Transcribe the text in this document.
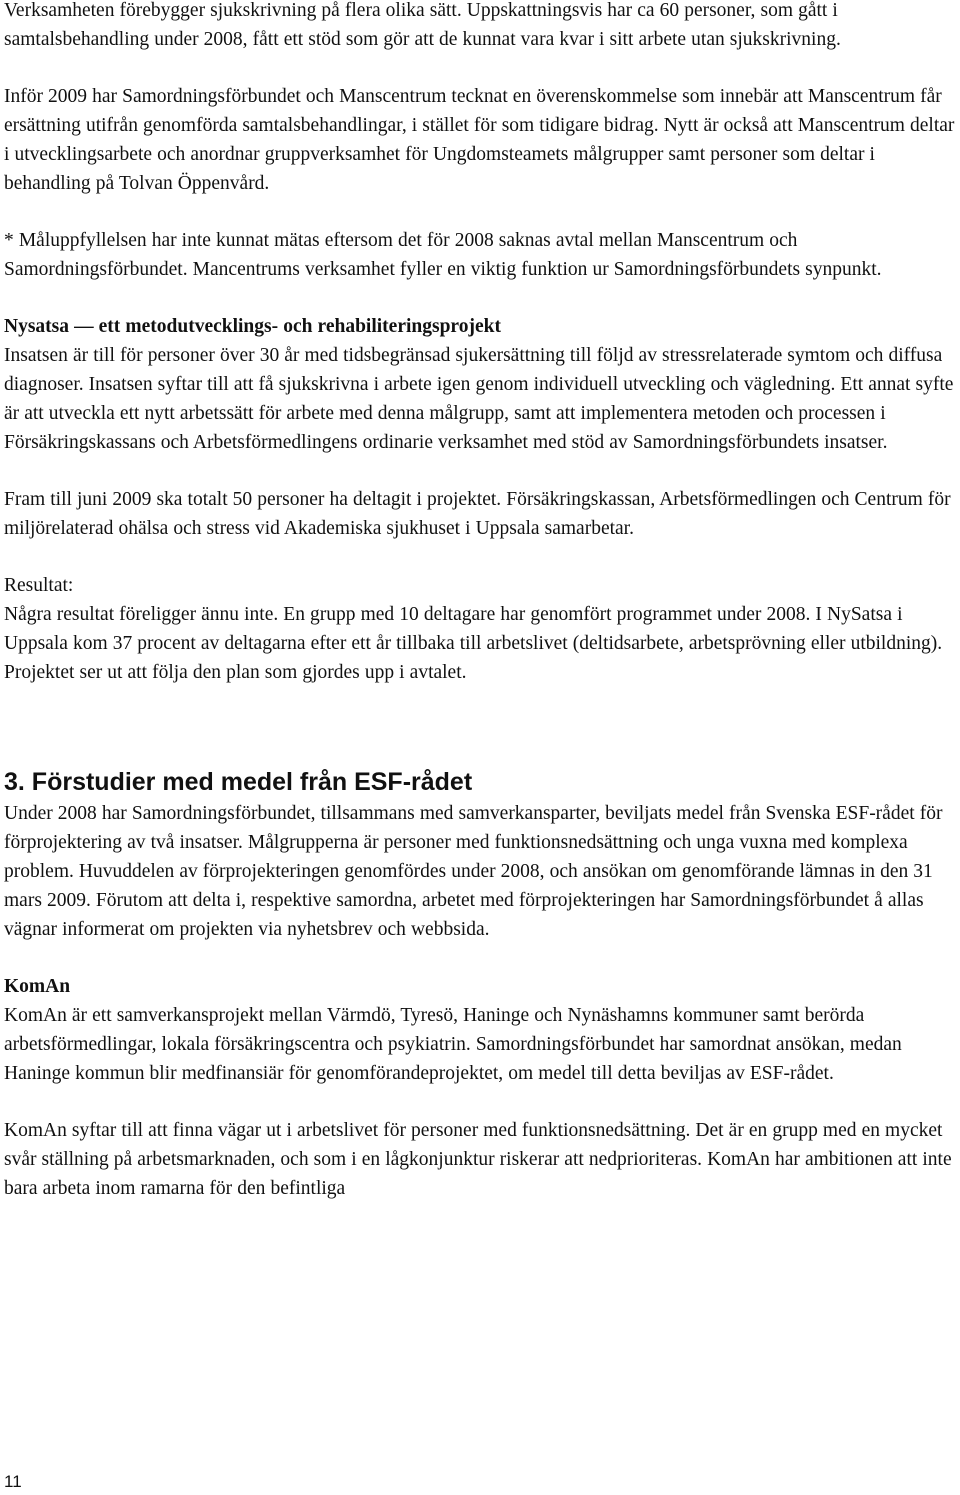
Verksamheten förebygger sjukskrivning på flera olika sätt. Uppskattningsvis har ca 60 personer, som gått i samtalsbehandling under 2008, fått ett stöd som gör att de kunnat vara kvar i sitt arbete utan sjukskrivning.

Inför 2009 har Samordningsförbundet och Manscentrum tecknat en överenskommelse som innebär att Manscentrum får ersättning utifrån genomförda samtalsbehandlingar, i stället för som tidigare bidrag. Nytt är också att Manscentrum deltar i utvecklingsarbete och anordnar gruppverksamhet för Ungdomsteamets målgrupper samt personer som deltar i behandling på Tolvan Öppenvård.

* Måluppfyllelsen har inte kunnat mätas eftersom det för 2008 saknas avtal mellan Manscentrum och Samordningsförbundet. Mancentrums verksamhet fyller en viktig funktion ur Samordningsförbundets synpunkt.

Nysatsa — ett metodutvecklings- och rehabiliteringsprojekt

Insatsen är till för personer över 30 år med tidsbegränsad sjukersättning till följd av stressrelaterade symtom och diffusa diagnoser. Insatsen syftar till att få sjukskrivna i arbete igen genom individuell utveckling och vägledning. Ett annat syfte är att utveckla ett nytt arbetssätt för arbete med denna målgrupp, samt att implementera metoden och processen i Försäkringskassans och Arbetsförmedlingens ordinarie verksamhet med stöd av Samordningsförbundets insatser.

Fram till juni 2009 ska totalt 50 personer ha deltagit i projektet. Försäkringskassan, Arbetsförmedlingen och Centrum för miljörelaterad ohälsa och stress vid Akademiska sjukhuset i Uppsala samarbetar.

Resultat:

Några resultat föreligger ännu inte. En grupp med 10 deltagare har genomfört programmet under 2008. I NySatsa i Uppsala kom 37 procent av deltagarna efter ett år tillbaka till arbetslivet (deltidsarbete, arbetsprövning eller utbildning). Projektet ser ut att följa den plan som gjordes upp i avtalet.

3. Förstudier med medel från ESF-rådet

Under 2008 har Samordningsförbundet, tillsammans med samverkansparter, beviljats medel från Svenska ESF-rådet för förprojektering av två insatser. Målgrupperna är personer med funktionsnedsättning och unga vuxna med komplexa problem. Huvuddelen av förprojekteringen genomfördes under 2008, och ansökan om genomförande lämnas in den 31 mars 2009. Förutom att delta i, respektive samordna, arbetet med förprojekteringen har Samordningsförbundet å allas vägnar informerat om projekten via nyhetsbrev och webbsida.

KomAn

KomAn är ett samverkansprojekt mellan Värmdö, Tyresö, Haninge och Nynäshamns kommuner samt berörda arbetsförmedlingar, lokala försäkringscentra och psykiatrin. Samordningsförbundet har samordnat ansökan, medan Haninge kommun blir medfinansiär för genomförandeprojektet, om medel till detta beviljas av ESF-rådet.

KomAn syftar till att finna vägar ut i arbetslivet för personer med funktionsnedsättning. Det är en grupp med en mycket svår ställning på arbetsmarknaden, och som i en lågkonjunktur riskerar att nedprioriteras. KomAn har ambitionen att inte bara arbeta inom ramarna för den befintliga

11
